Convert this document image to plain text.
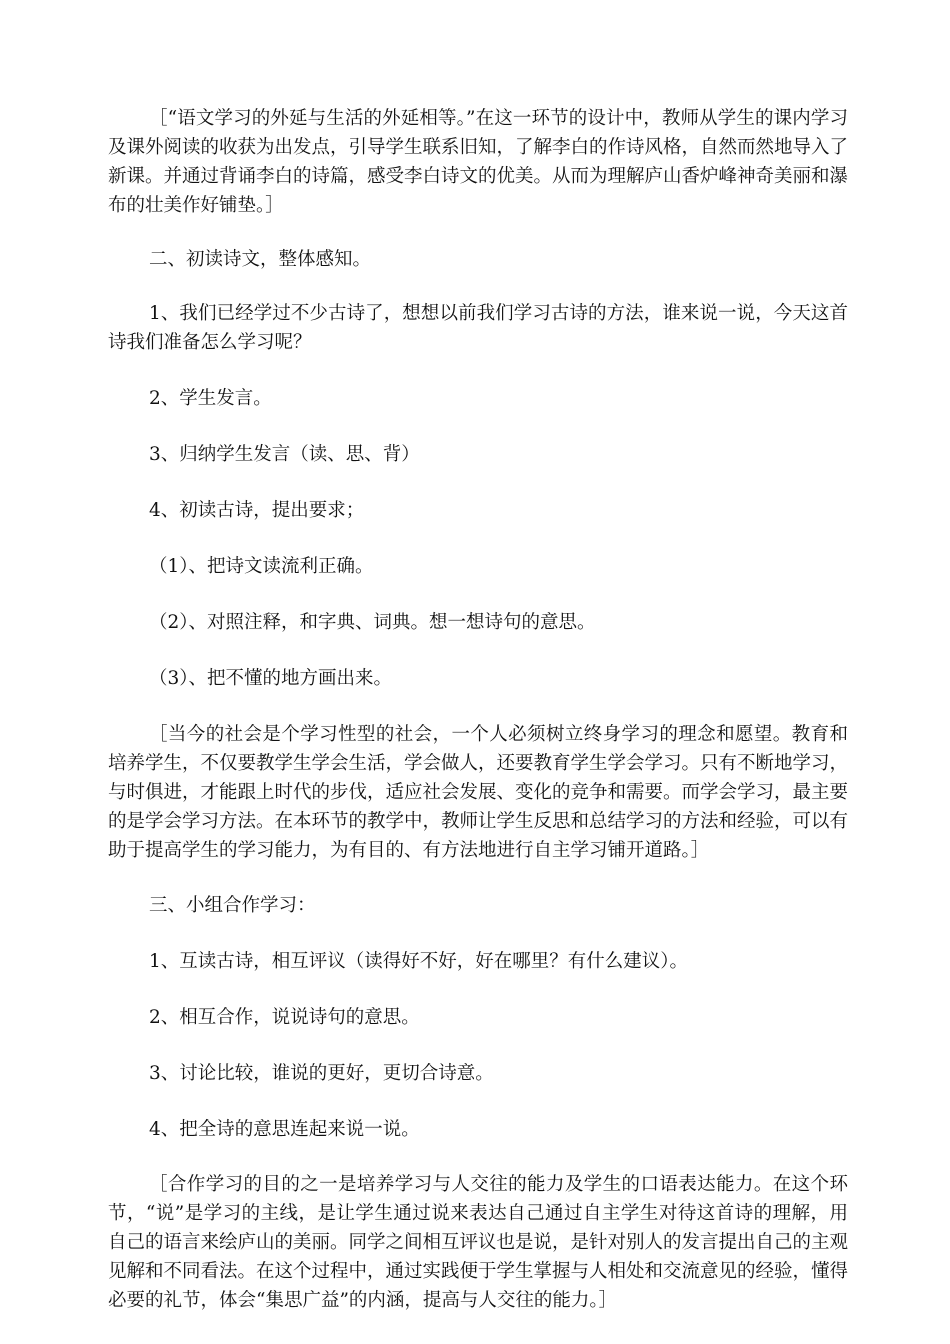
［“语文学习的外延与生活的外延相等。”在这一环节的设计中，教师从学生的课内学习及课外阅读的收获为出发点，引导学生联系旧知，了解李白的作诗风格，自然而然地导入了新课。并通过背诵李白的诗篇，感受李白诗文的优美。从而为理解庐山香炉峰神奇美丽和瀑布的壮美作好铺垫。］

二、初读诗文，整体感知。

1、我们已经学过不少古诗了，想想以前我们学习古诗的方法，谁来说一说，今天这首诗我们准备怎么学习呢？

2、学生发言。

3、归纳学生发言（读、思、背）

4、初读古诗，提出要求；

（1）、把诗文读流利正确。

（2）、对照注释，和字典、词典。想一想诗句的意思。

（3）、把不懂的地方画出来。

［当今的社会是个学习性型的社会，一个人必须树立终身学习的理念和愿望。教育和培养学生，不仅要教学生学会生活，学会做人，还要教育学生学会学习。只有不断地学习，与时俱进，才能跟上时代的步伐，适应社会发展、变化的竞争和需要。而学会学习，最主要的是学会学习方法。在本环节的教学中，教师让学生反思和总结学习的方法和经验，可以有助于提高学生的学习能力，为有目的、有方法地进行自主学习铺开道路。］

三、小组合作学习：

1、互读古诗，相互评议（读得好不好，好在哪里？有什么建议）。

2、相互合作，说说诗句的意思。

3、讨论比较，谁说的更好，更切合诗意。

4、把全诗的意思连起来说一说。

［合作学习的目的之一是培养学习与人交往的能力及学生的口语表达能力。在这个环节，“说”是学习的主线，是让学生通过说来表达自己通过自主学生对待这首诗的理解，用自己的语言来绘庐山的美丽。同学之间相互评议也是说，是针对别人的发言提出自己的主观见解和不同看法。在这个过程中，通过实践便于学生掌握与人相处和交流意见的经验，懂得必要的礼节，体会“集思广益”的内涵，提高与人交往的能力。］
